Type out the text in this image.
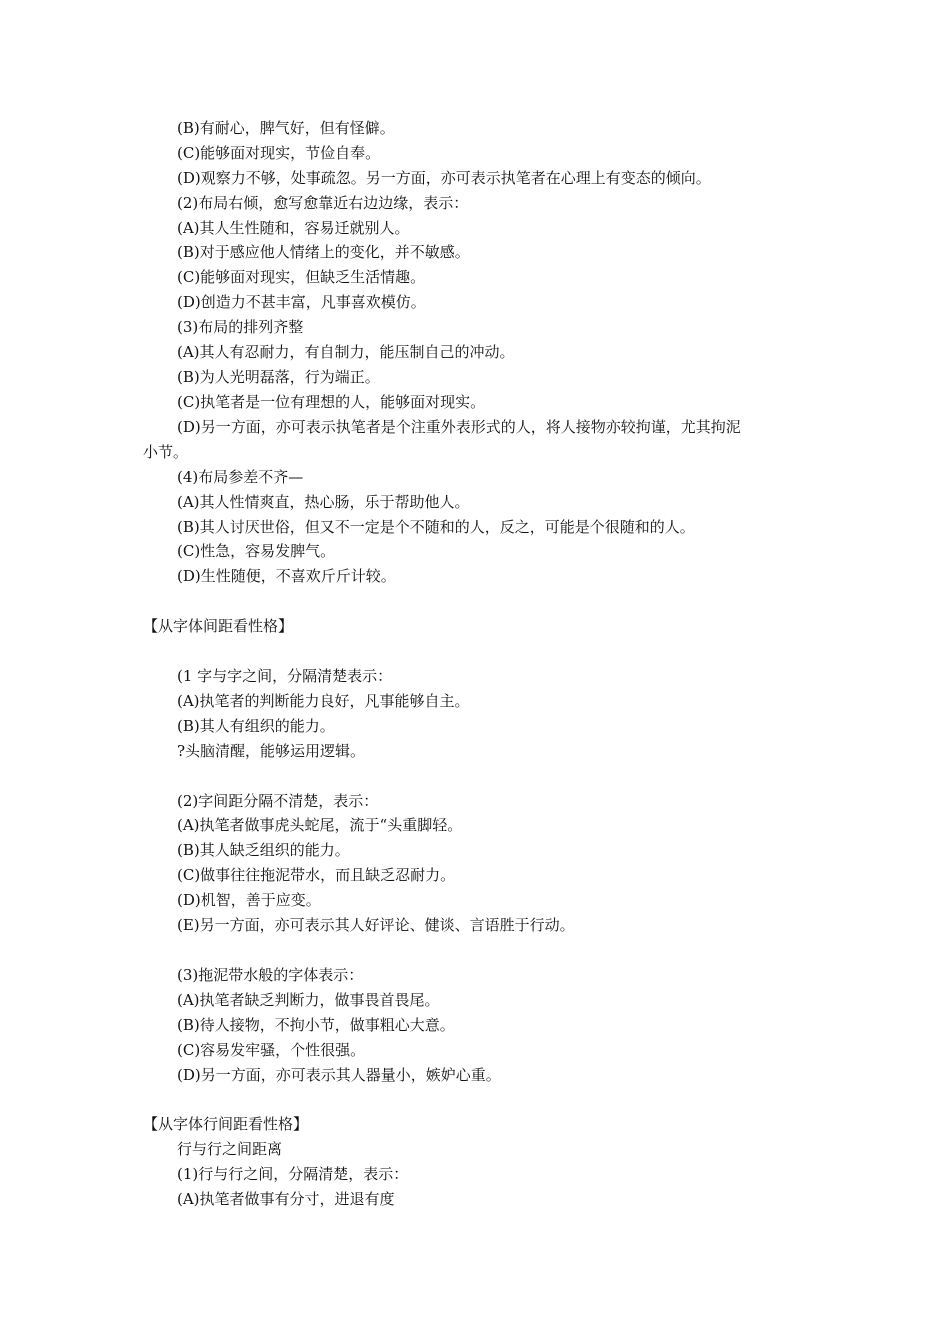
(B)有耐心，脾气好，但有怪僻。
(C)能够面对现实，节俭自奉。
(D)观察力不够，处事疏忽。另一方面，亦可表示执笔者在心理上有变态的倾向。
(2)布局右倾，愈写愈靠近右边边缘，表示：
(A)其人生性随和，容易迁就别人。
(B)对于感应他人情绪上的变化，并不敏感。
(C)能够面对现实，但缺乏生活情趣。
(D)创造力不甚丰富，凡事喜欢模仿。
(3)布局的排列齐整
(A)其人有忍耐力，有自制力，能压制自己的冲动。
(B)为人光明磊落，行为端正。
(C)执笔者是一位有理想的人，能够面对现实。
(D)另一方面，亦可表示执笔者是个注重外表形式的人，将人接物亦较拘谨，尤其拘泥
小节。
(4)布局参差不齐—
(A)其人性情爽直，热心肠，乐于帮助他人。
(B)其人讨厌世俗，但又不一定是个不随和的人，反之，可能是个很随和的人。
(C)性急，容易发脾气。
(D)生性随便，不喜欢斤斤计较。
【从字体间距看性格】
(1 字与字之间，分隔清楚表示：
(A)执笔者的判断能力良好，凡事能够自主。
(B)其人有组织的能力。
?头脑清醒，能够运用逻辑。
(2)字间距分隔不清楚，表示：
(A)执笔者做事虎头蛇尾，流于“头重脚轻。
(B)其人缺乏组织的能力。
(C)做事往往拖泥带水，而且缺乏忍耐力。
(D)机智，善于应变。
(E)另一方面，亦可表示其人好评论、健谈、言语胜于行动。
(3)拖泥带水般的字体表示：
(A)执笔者缺乏判断力，做事畏首畏尾。
(B)待人接物，不拘小节，做事粗心大意。
(C)容易发牢骚，个性很强。
(D)另一方面，亦可表示其人器量小，嫉妒心重。
【从字体行间距看性格】
行与行之间距离
(1)行与行之间，分隔清楚，表示：
(A)执笔者做事有分寸，进退有度
